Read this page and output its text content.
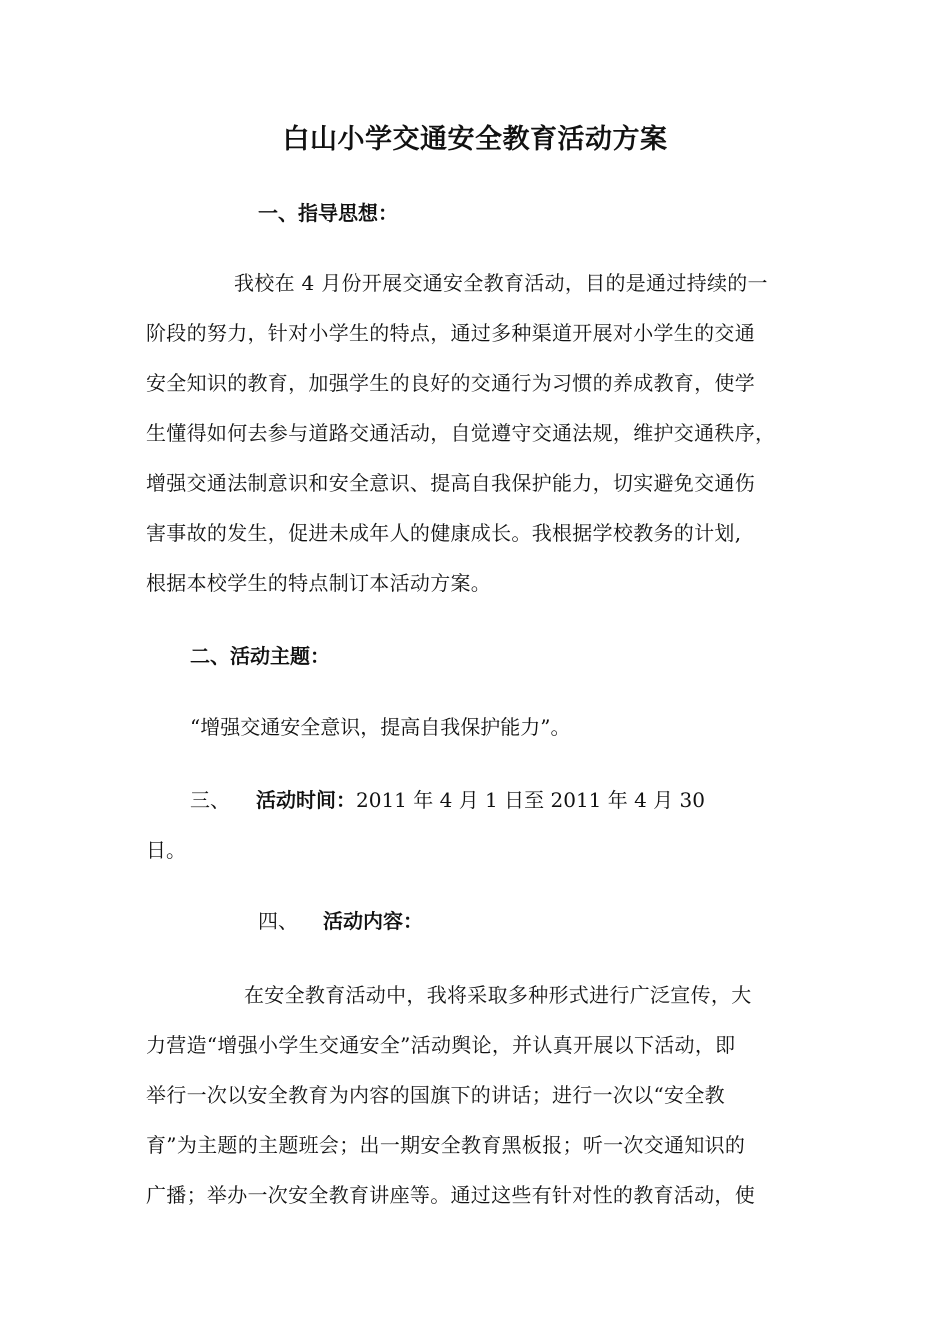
白山小学交通安全教育活动方案
一、指导思想：
我校在 4 月份开展交通安全教育活动，目的是通过持续的一
阶段的努力，针对小学生的特点，通过多种渠道开展对小学生的交通
安全知识的教育，加强学生的良好的交通行为习惯的养成教育，使学
生懂得如何去参与道路交通活动，自觉遵守交通法规，维护交通秩序，
增强交通法制意识和安全意识、提高自我保护能力，切实避免交通伤
害事故的发生，促进未成年人的健康成长。我根据学校教务的计划,
根据本校学生的特点制订本活动方案。
二、活动主题：
“增强交通安全意识，提高自我保护能力”。
三、 活动时间：2011 年 4 月 1 日至 2011 年 4 月 30
日。
四、 活动内容：
在安全教育活动中，我将采取多种形式进行广泛宣传，大
力营造“增强小学生交通安全”活动舆论，并认真开展以下活动，即
举行一次以安全教育为内容的国旗下的讲话；进行一次以“安全教
育”为主题的主题班会；出一期安全教育黑板报；听一次交通知识的
广播；举办一次安全教育讲座等。通过这些有针对性的教育活动，使
